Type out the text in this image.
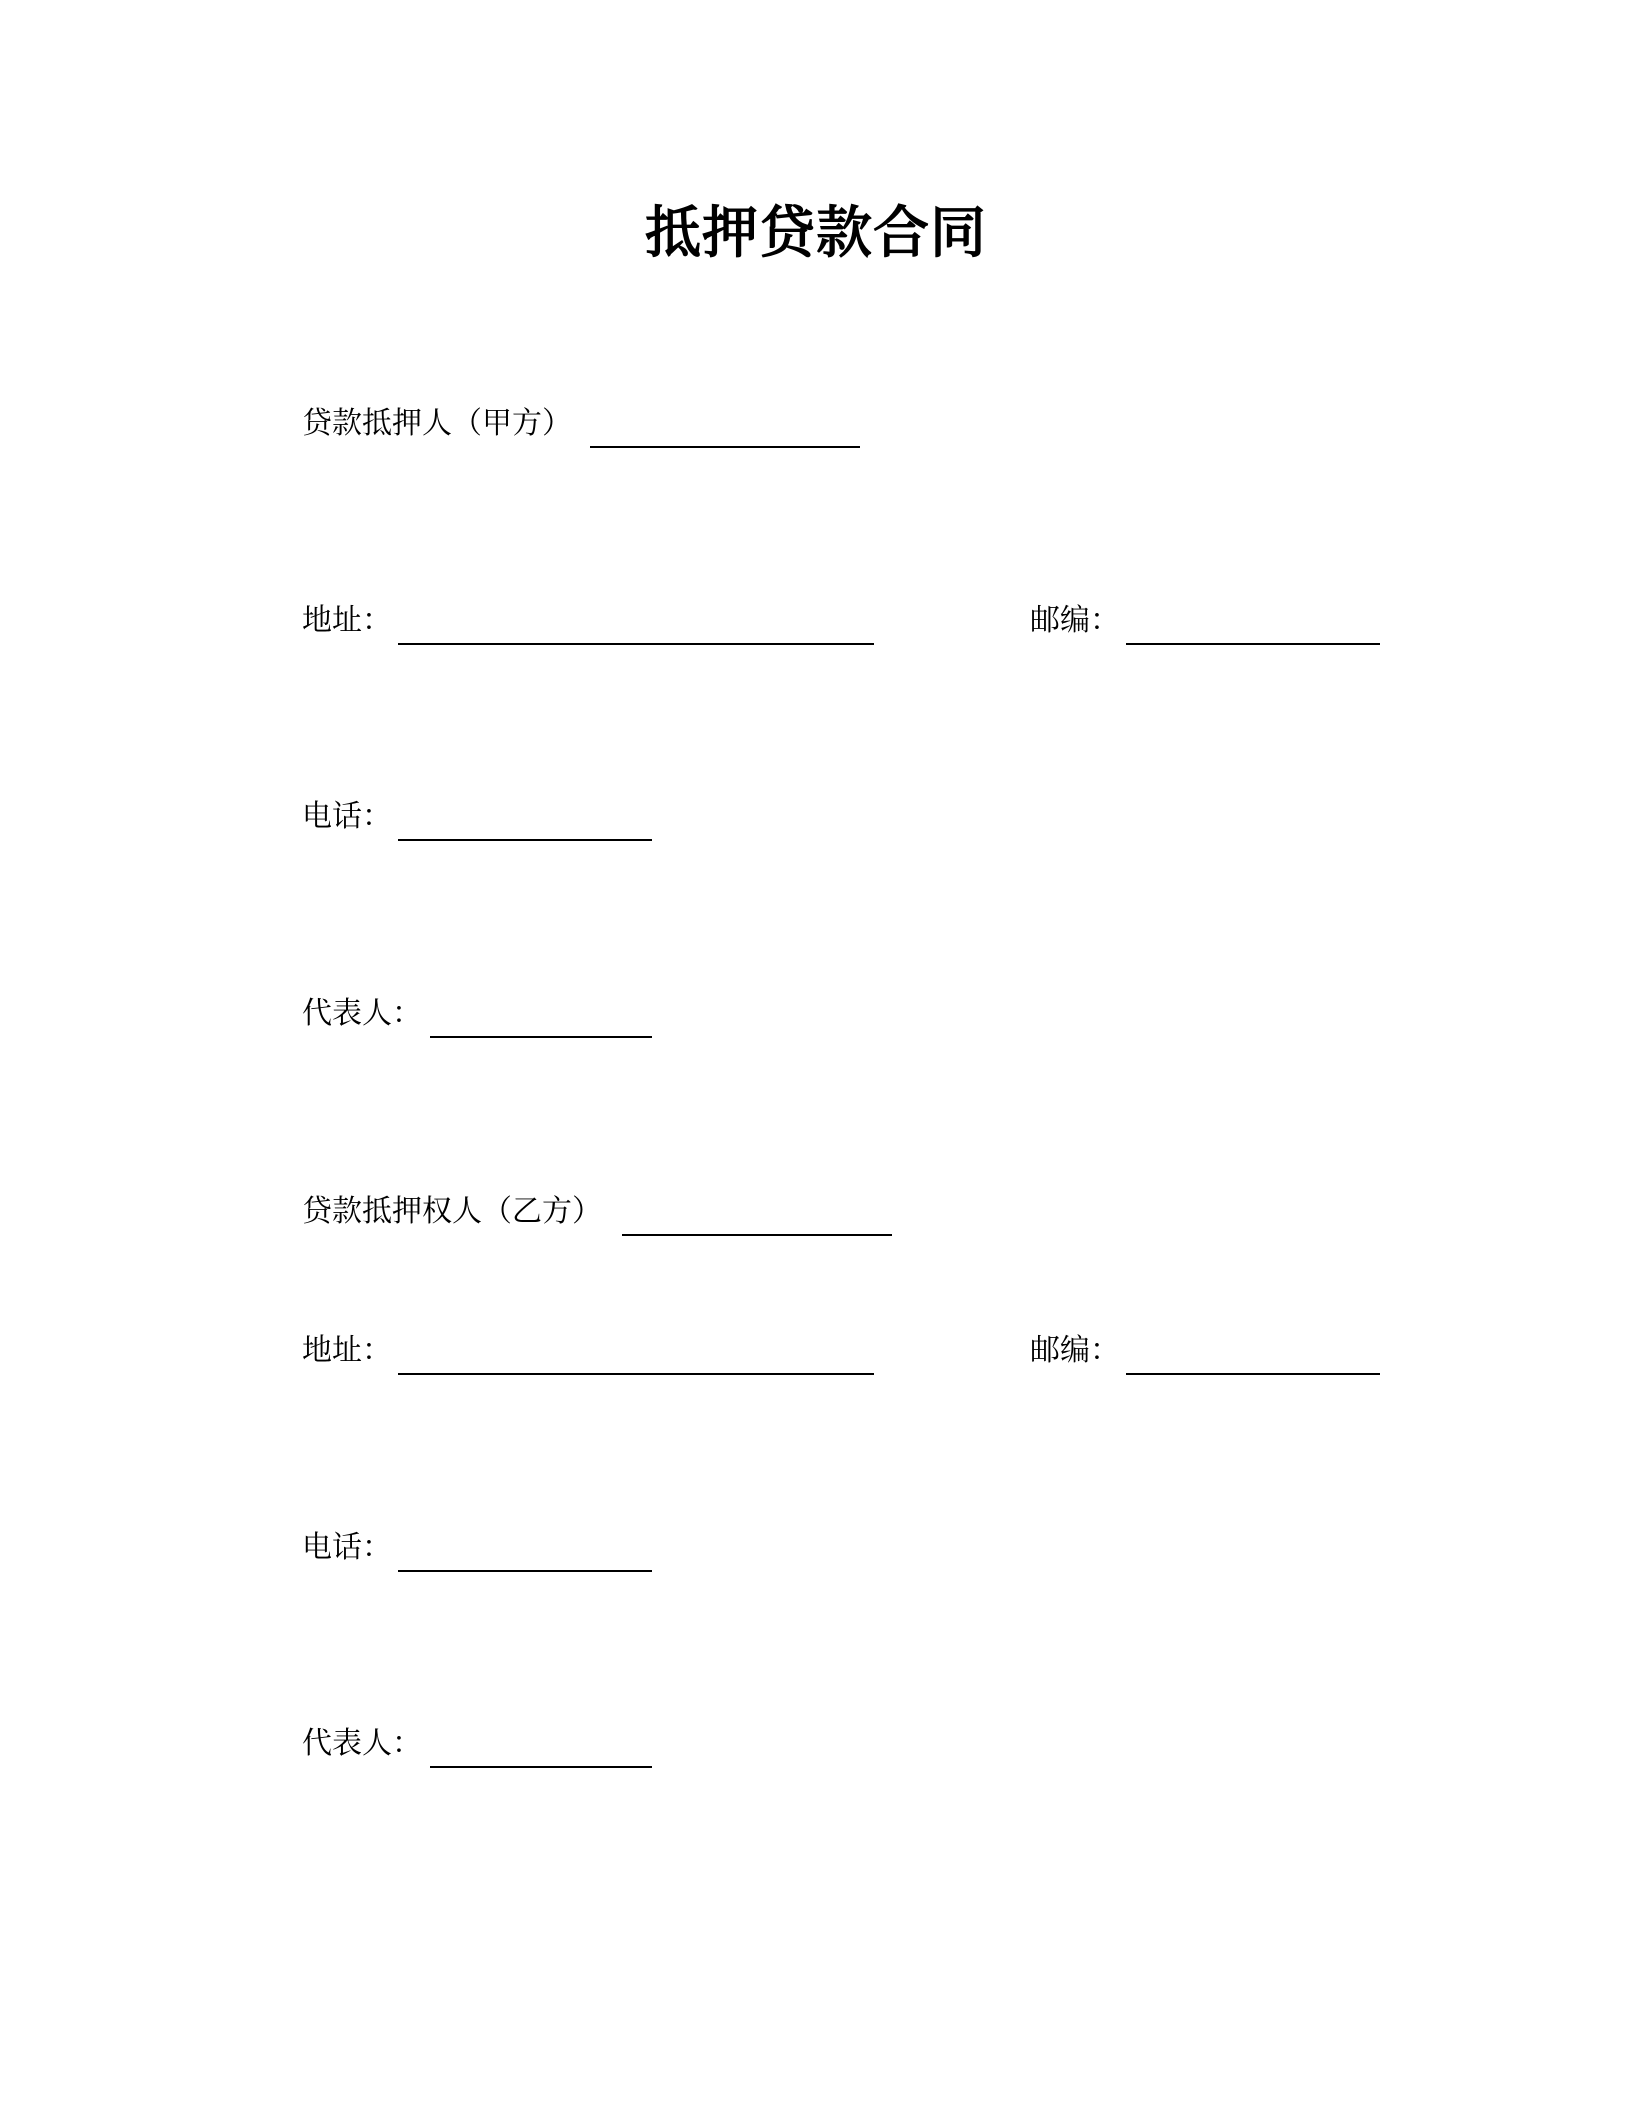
抵押贷款合同
贷款抵押人（甲方）
地址：	邮编：
电话：
代表人：
贷款抵押权人（乙方）
地址：	邮编：
电话：
代表人：
